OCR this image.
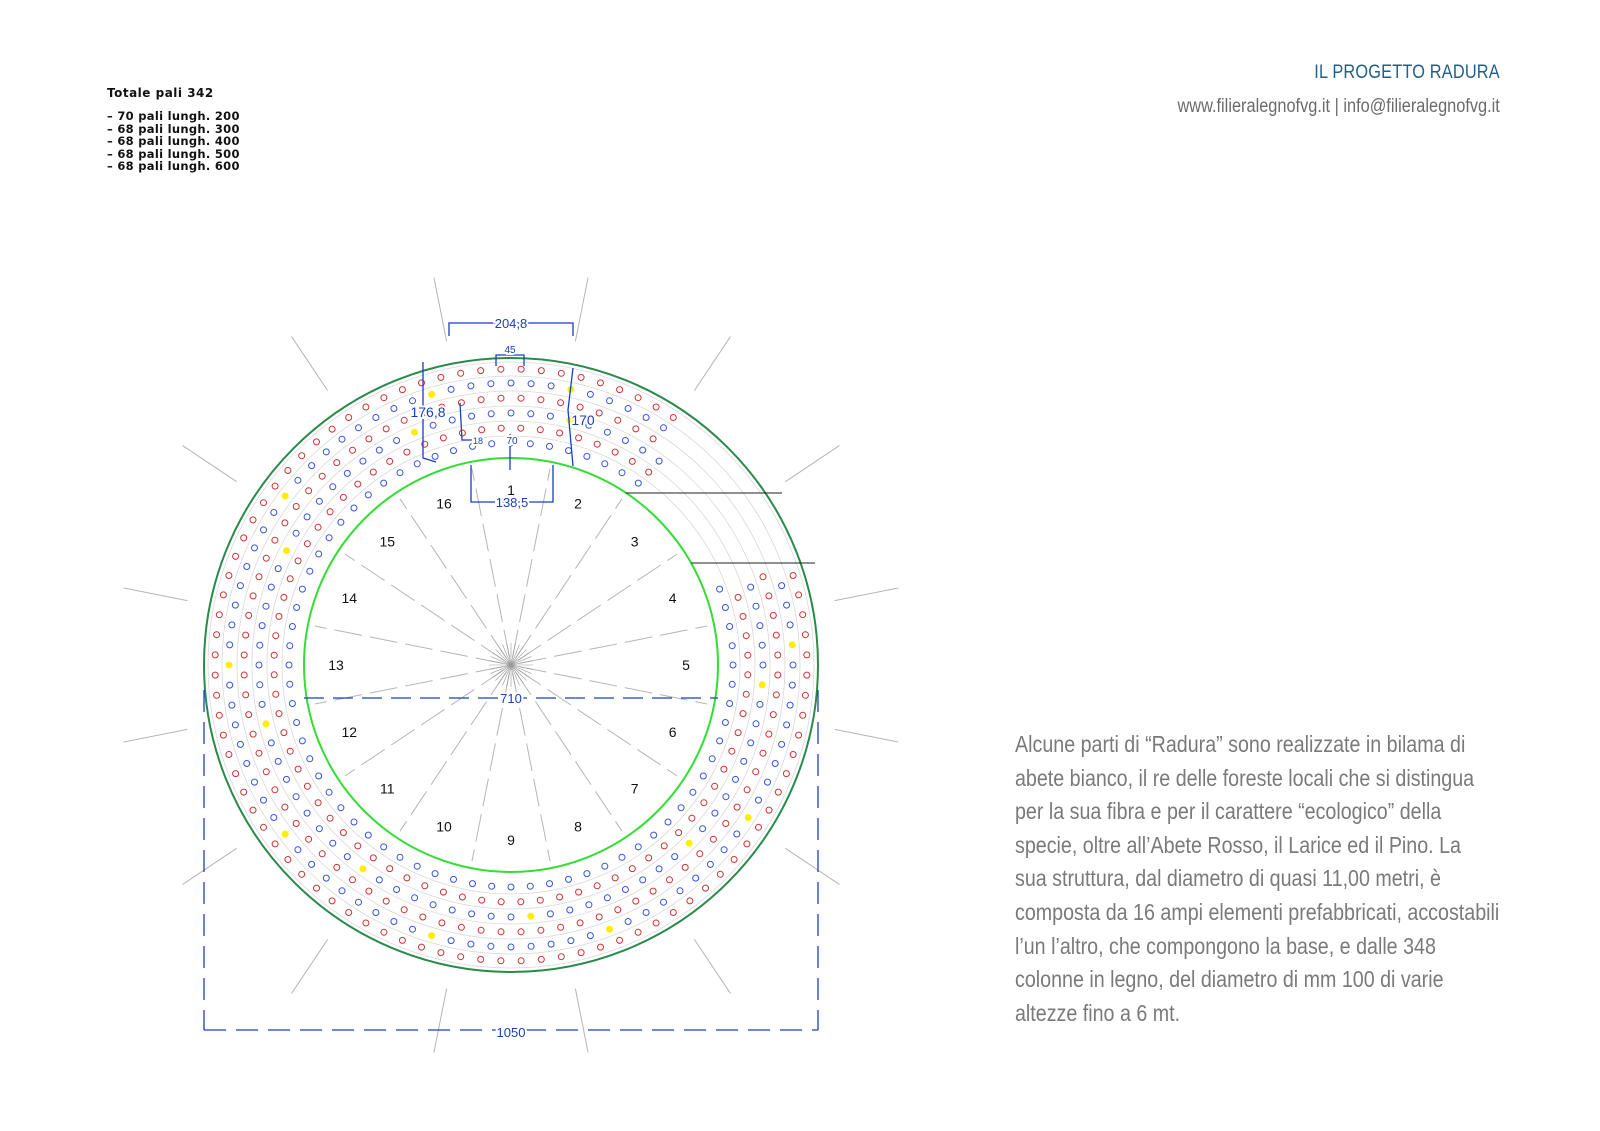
Totale pali 342
– 70 pali lungh. 200
– 68 pali lungh. 300
– 68 pali lungh. 400
– 68 pali lungh. 500
– 68 pali lungh. 600
IL PROGETTO RADURA
www.filieralegnofvg.it | info@filieralegnofvg.it

Alcune parti di “Radura” sono realizzate in bilama di

abete bianco, il re delle foreste locali che si distingua

per la sua fibra e per il carattere “ecologico” della

specie, oltre all’Abete Rosso, il Larice ed il Pino. La

sua struttura, dal diametro di quasi 11,00 metri, è

composta da 16 ampi elementi prefabbricati, accostabili

l’un l’altro, che compongono la base, e dalle 348

colonne in legno, del diametro di mm 100 di varie

altezze fino a 6 mt.

1
2
3
4
5
6
7
8
9
10
11
12
13
14
15
16
1050
710
204,8
45
138,5
176,8	170
70
18
